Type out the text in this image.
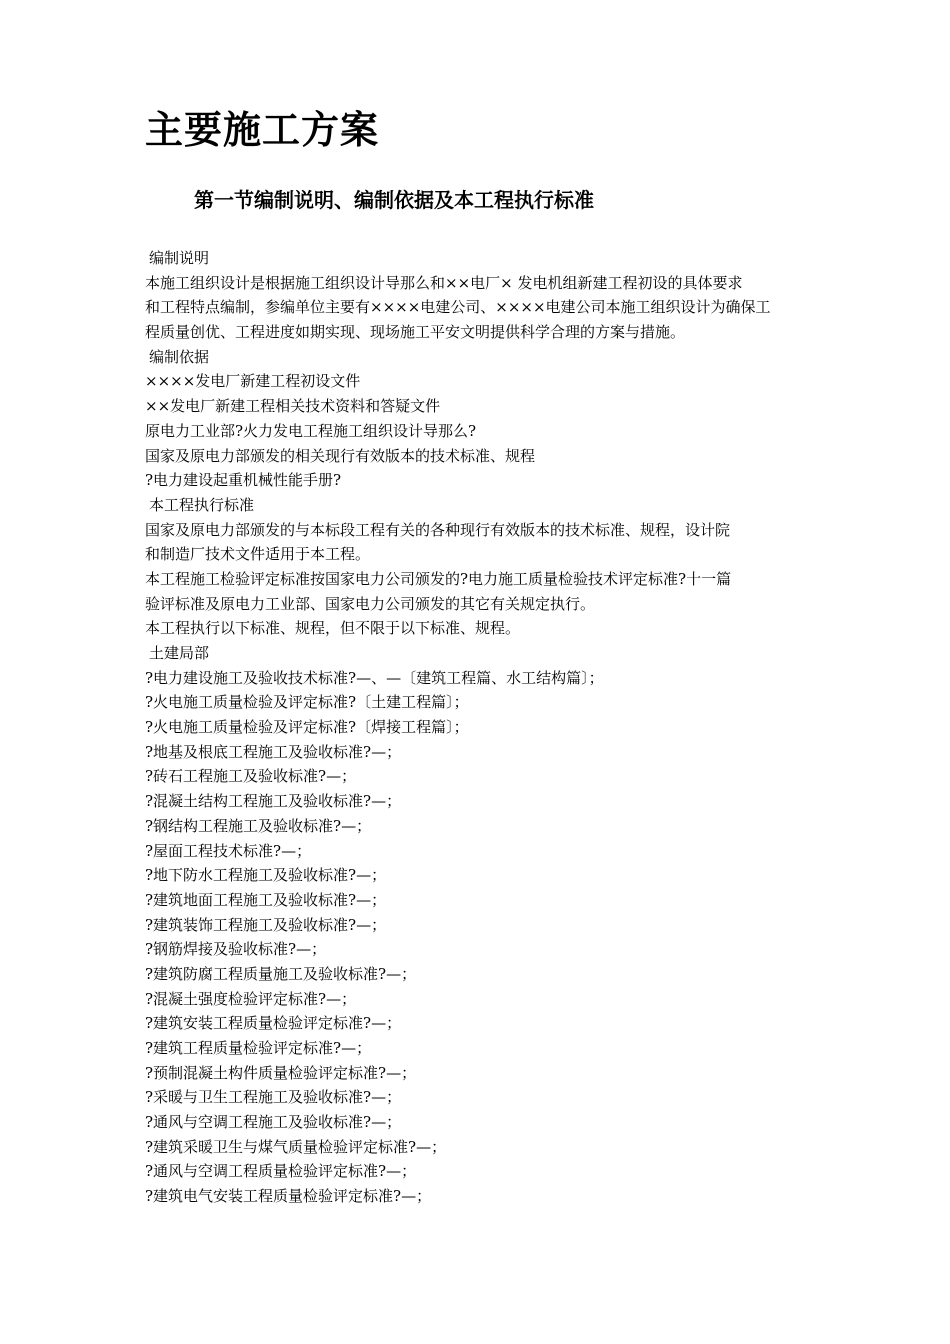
主要施工方案
第一节编制说明、编制依据及本工程执行标准
编制说明
本施工组织设计是根据施工组织设计导那么和××电厂× 发电机组新建工程初设的具体要求
和工程特点编制，参编单位主要有××××电建公司、××××电建公司本施工组织设计为确保工
程质量创优、工程进度如期实现、现场施工平安文明提供科学合理的方案与措施。
编制依据
××××发电厂新建工程初设文件
××发电厂新建工程相关技术资料和答疑文件
原电力工业部?火力发电工程施工组织设计导那么?
国家及原电力部颁发的相关现行有效版本的技术标准、规程
?电力建设起重机械性能手册?
本工程执行标准
国家及原电力部颁发的与本标段工程有关的各种现行有效版本的技术标准、规程，设计院
和制造厂技术文件适用于本工程。
本工程施工检验评定标准按国家电力公司颁发的?电力施工质量检验技术评定标准?十一篇
验评标准及原电力工业部、国家电力公司颁发的其它有关规定执行。
本工程执行以下标准、规程，但不限于以下标准、规程。
土建局部
?电力建设施工及验收技术标准?—、—〔建筑工程篇、水工结构篇〕；
?火电施工质量检验及评定标准?〔土建工程篇〕；
?火电施工质量检验及评定标准?〔焊接工程篇〕；
?地基及根底工程施工及验收标准?—；
?砖石工程施工及验收标准?—；
?混凝土结构工程施工及验收标准?—；
?钢结构工程施工及验收标准?—；
?屋面工程技术标准?—；
?地下防水工程施工及验收标准?—；
?建筑地面工程施工及验收标准?—；
?建筑装饰工程施工及验收标准?—；
?钢筋焊接及验收标准?—；
?建筑防腐工程质量施工及验收标准?—；
?混凝土强度检验评定标准?—；
?建筑安装工程质量检验评定标准?—；
?建筑工程质量检验评定标准?—；
?预制混凝土构件质量检验评定标准?—；
?采暖与卫生工程施工及验收标准?—；
?通风与空调工程施工及验收标准?—；
?建筑采暖卫生与煤气质量检验评定标准?—；
?通风与空调工程质量检验评定标准?—；
?建筑电气安装工程质量检验评定标准?—；
